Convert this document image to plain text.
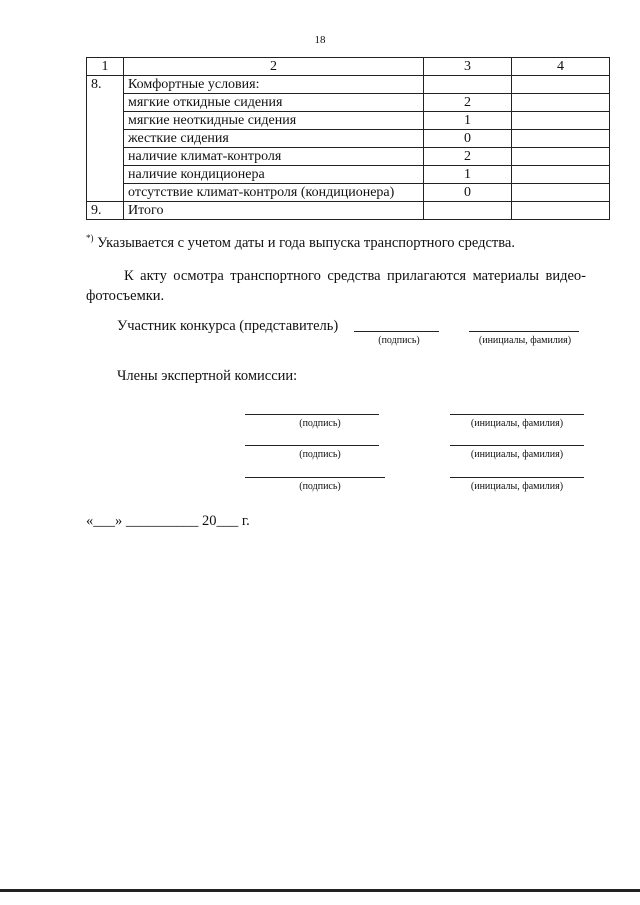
18
1	2	3	4
8.	Комфортные условия:		
	мягкие откидные сидения	2	
	мягкие неоткидные сидения	1	
	жесткие сидения	0	
	наличие климат-контроля	2	
	наличие кондиционера	1	
	отсутствие климат-контроля (кондиционера)	0	
9.	Итого		
*) Указывается с учетом даты и года выпуска транспортного средства.
К акту осмотра транспортного средства прилагаются материалы видео-фотосъемки.
Участник конкурса (представитель)
(подпись)	(инициалы, фамилия)
Члены экспертной комиссии:
(подпись)	(инициалы, фамилия)
(подпись)	(инициалы, фамилия)
(подпись)	(инициалы, фамилия)
«___» __________ 20___ г.
